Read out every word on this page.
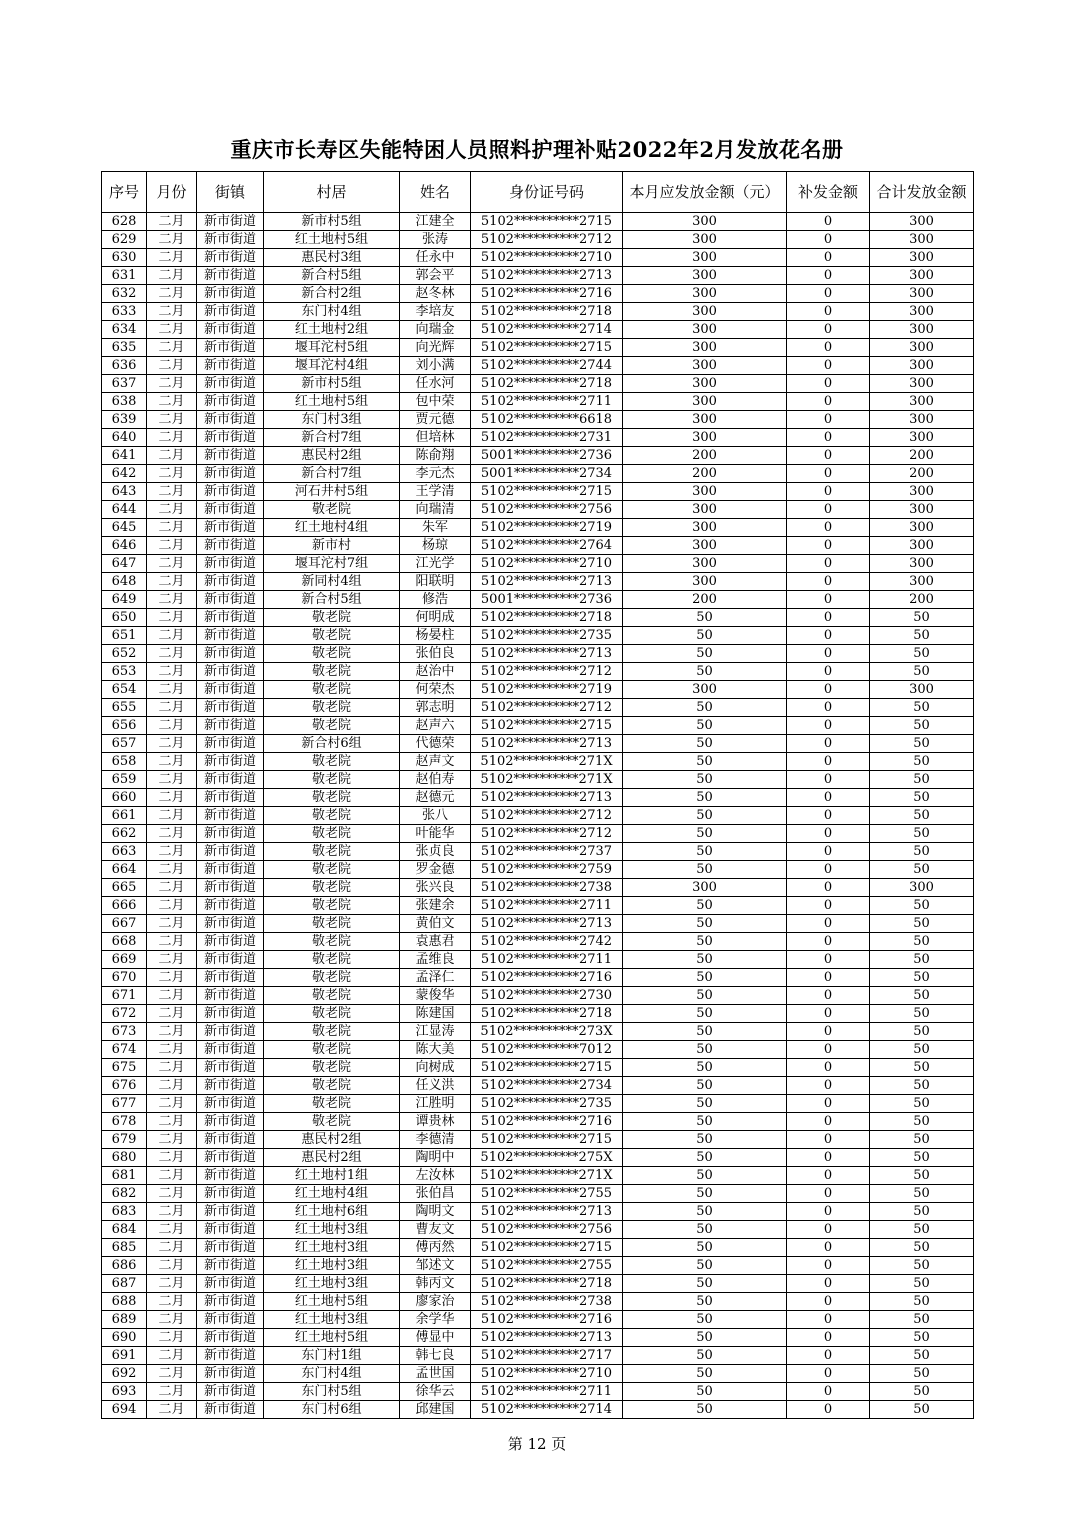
重庆市长寿区失能特困人员照料护理补贴2022年2月发放花名册
序号	月份	街镇	村居	姓名	身份证号码	本月应发放金额（元）	补发金额	合计发放金额
628	二月	新市街道	新市村5组	江建全	5102**********2715	300	0	300
629	二月	新市街道	红土地村5组	张涛	5102**********2712	300	0	300
630	二月	新市街道	惠民村3组	任永中	5102**********2710	300	0	300
631	二月	新市街道	新合村5组	郭会平	5102**********2713	300	0	300
632	二月	新市街道	新合村2组	赵冬林	5102**********2716	300	0	300
633	二月	新市街道	东门村4组	李培友	5102**********2718	300	0	300
634	二月	新市街道	红土地村2组	向瑞金	5102**********2714	300	0	300
635	二月	新市街道	堰耳沱村5组	向光辉	5102**********2715	300	0	300
636	二月	新市街道	堰耳沱村4组	刘小满	5102**********2744	300	0	300
637	二月	新市街道	新市村5组	任水河	5102**********2718	300	0	300
638	二月	新市街道	红土地村5组	包中荣	5102**********2711	300	0	300
639	二月	新市街道	东门村3组	贾元德	5102**********6618	300	0	300
640	二月	新市街道	新合村7组	但培林	5102**********2731	300	0	300
641	二月	新市街道	惠民村2组	陈俞翔	5001**********2736	200	0	200
642	二月	新市街道	新合村7组	李元杰	5001**********2734	200	0	200
643	二月	新市街道	河石井村5组	王学清	5102**********2715	300	0	300
644	二月	新市街道	敬老院	向瑞清	5102**********2756	300	0	300
645	二月	新市街道	红土地村4组	朱军	5102**********2719	300	0	300
646	二月	新市街道	新市村	杨琼	5102**********2764	300	0	300
647	二月	新市街道	堰耳沱村7组	江光学	5102**********2710	300	0	300
648	二月	新市街道	新同村4组	阳联明	5102**********2713	300	0	300
649	二月	新市街道	新合村5组	修浩	5001**********2736	200	0	200
650	二月	新市街道	敬老院	何明成	5102**********2718	50	0	50
651	二月	新市街道	敬老院	杨晏柱	5102**********2735	50	0	50
652	二月	新市街道	敬老院	张伯良	5102**********2713	50	0	50
653	二月	新市街道	敬老院	赵治中	5102**********2712	50	0	50
654	二月	新市街道	敬老院	何荣杰	5102**********2719	300	0	300
655	二月	新市街道	敬老院	郭志明	5102**********2712	50	0	50
656	二月	新市街道	敬老院	赵声六	5102**********2715	50	0	50
657	二月	新市街道	新合村6组	代德荣	5102**********2713	50	0	50
658	二月	新市街道	敬老院	赵声文	5102**********271X	50	0	50
659	二月	新市街道	敬老院	赵伯寿	5102**********271X	50	0	50
660	二月	新市街道	敬老院	赵德元	5102**********2713	50	0	50
661	二月	新市街道	敬老院	张八	5102**********2712	50	0	50
662	二月	新市街道	敬老院	叶能华	5102**********2712	50	0	50
663	二月	新市街道	敬老院	张贞良	5102**********2737	50	0	50
664	二月	新市街道	敬老院	罗金德	5102**********2759	50	0	50
665	二月	新市街道	敬老院	张兴良	5102**********2738	300	0	300
666	二月	新市街道	敬老院	张建余	5102**********2711	50	0	50
667	二月	新市街道	敬老院	黄伯文	5102**********2713	50	0	50
668	二月	新市街道	敬老院	袁惠君	5102**********2742	50	0	50
669	二月	新市街道	敬老院	孟维良	5102**********2711	50	0	50
670	二月	新市街道	敬老院	孟泽仁	5102**********2716	50	0	50
671	二月	新市街道	敬老院	蒙俊华	5102**********2730	50	0	50
672	二月	新市街道	敬老院	陈建国	5102**********2718	50	0	50
673	二月	新市街道	敬老院	江显涛	5102**********273X	50	0	50
674	二月	新市街道	敬老院	陈大美	5102**********7012	50	0	50
675	二月	新市街道	敬老院	向树成	5102**********2715	50	0	50
676	二月	新市街道	敬老院	任义洪	5102**********2734	50	0	50
677	二月	新市街道	敬老院	江胜明	5102**********2735	50	0	50
678	二月	新市街道	敬老院	谭贵林	5102**********2716	50	0	50
679	二月	新市街道	惠民村2组	李德清	5102**********2715	50	0	50
680	二月	新市街道	惠民村2组	陶明中	5102**********275X	50	0	50
681	二月	新市街道	红土地村1组	左汝林	5102**********271X	50	0	50
682	二月	新市街道	红土地村4组	张伯昌	5102**********2755	50	0	50
683	二月	新市街道	红土地村6组	陶明文	5102**********2713	50	0	50
684	二月	新市街道	红土地村3组	曹友文	5102**********2756	50	0	50
685	二月	新市街道	红土地村3组	傅丙然	5102**********2715	50	0	50
686	二月	新市街道	红土地村3组	邹述文	5102**********2755	50	0	50
687	二月	新市街道	红土地村3组	韩丙文	5102**********2718	50	0	50
688	二月	新市街道	红土地村5组	廖家治	5102**********2738	50	0	50
689	二月	新市街道	红土地村3组	余学华	5102**********2716	50	0	50
690	二月	新市街道	红土地村5组	傅显中	5102**********2713	50	0	50
691	二月	新市街道	东门村1组	韩七良	5102**********2717	50	0	50
692	二月	新市街道	东门村4组	孟世国	5102**********2710	50	0	50
693	二月	新市街道	东门村5组	徐华云	5102**********2711	50	0	50
694	二月	新市街道	东门村6组	邱建国	5102**********2714	50	0	50
第 12 页
